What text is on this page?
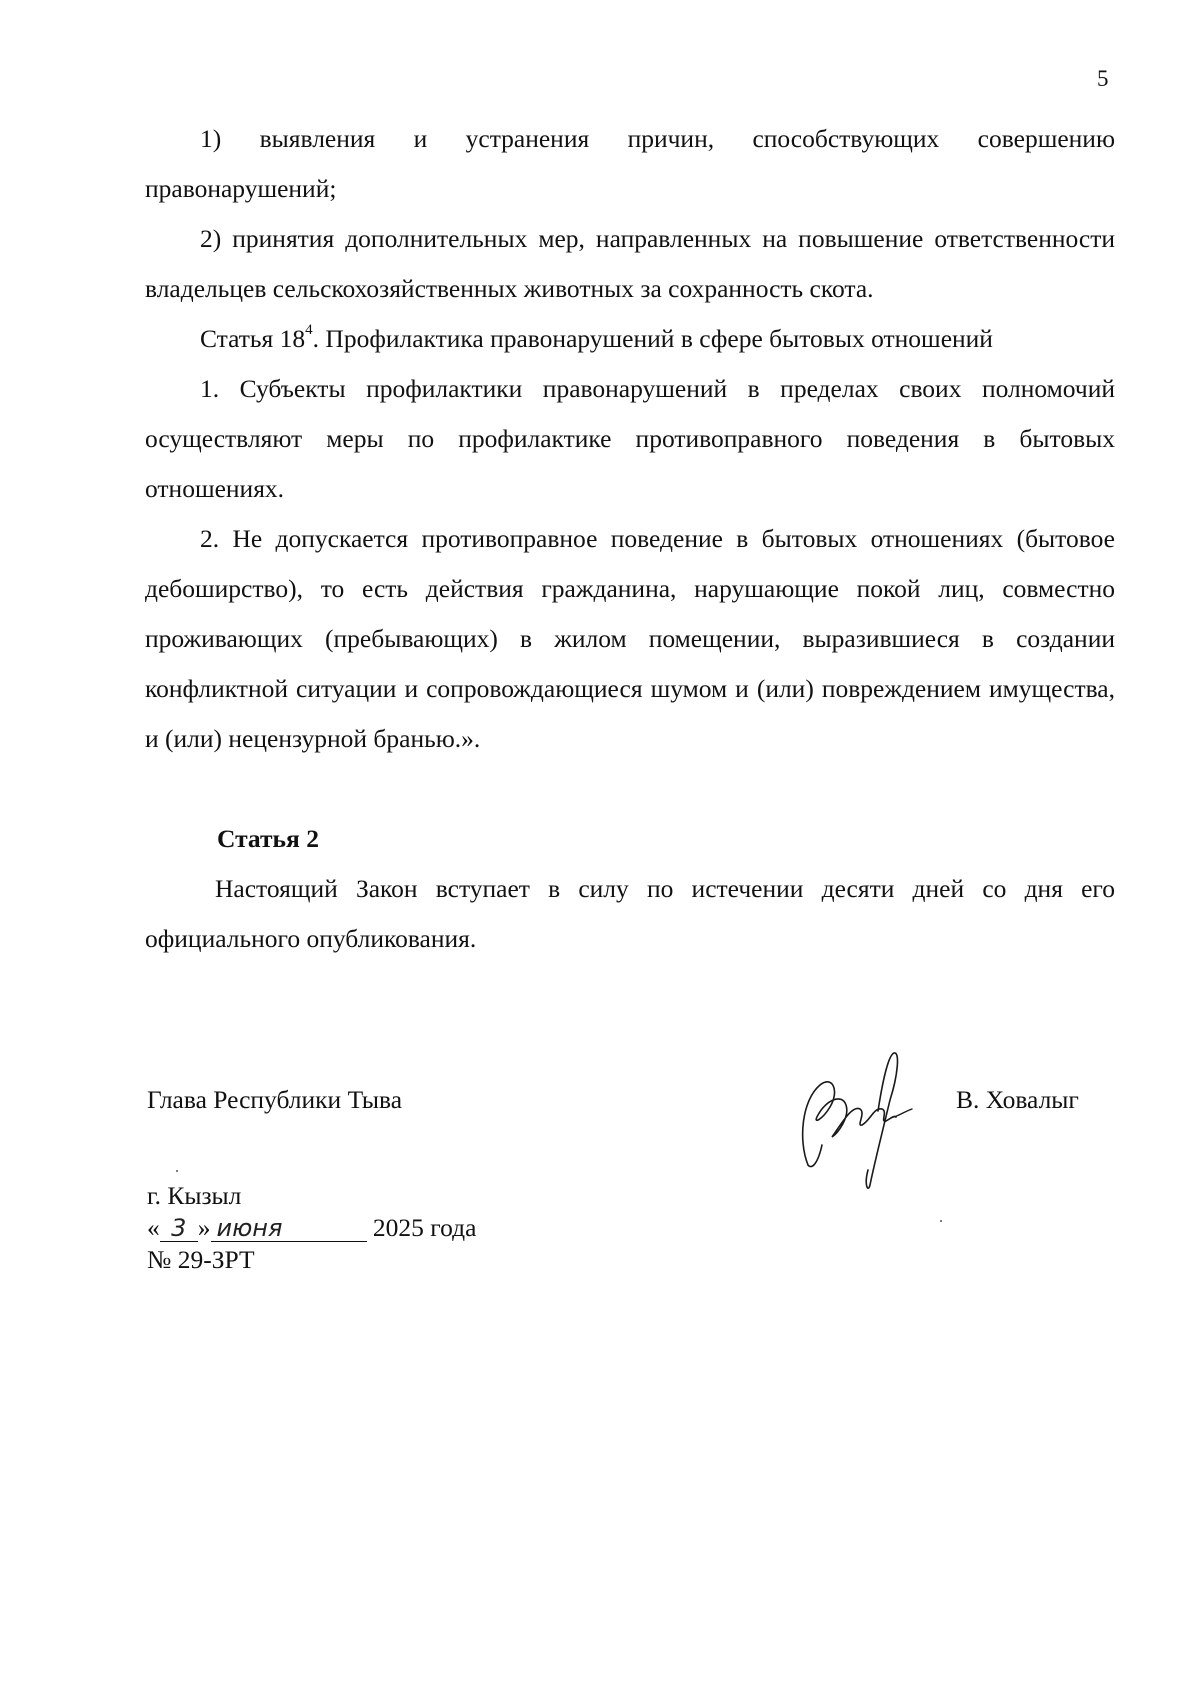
5

1) выявления и устранения причин, способствующих совершению правонарушений;

2) принятия дополнительных мер, направленных на повышение ответственности владельцев сельскохозяйственных животных за сохранность скота.

Статья $18^4$. Профилактика правонарушений в сфере бытовых отношений

1. Субъекты профилактики правонарушений в пределах своих полномочий осуществляют меры по профилактике противоправного поведения в бытовых отношениях.

2. Не допускается противоправное поведение в бытовых отношениях (бытовое дебоширство), то есть действия гражданина, нарушающие покой лиц, совместно проживающих (пребывающих) в жилом помещении, выразившиеся в создании конфликтной ситуации и сопровождающиеся шумом и (или) повреждением имущества, и (или) нецензурной бранью.».

Статья 2

Настоящий Закон вступает в силу по истечении десяти дней со дня его официального опубликования.

Глава Республики Тыва	В. Ховалыг
г. Кызыл
« 3 » июня	2025 года
№ 29-ЗРТ
